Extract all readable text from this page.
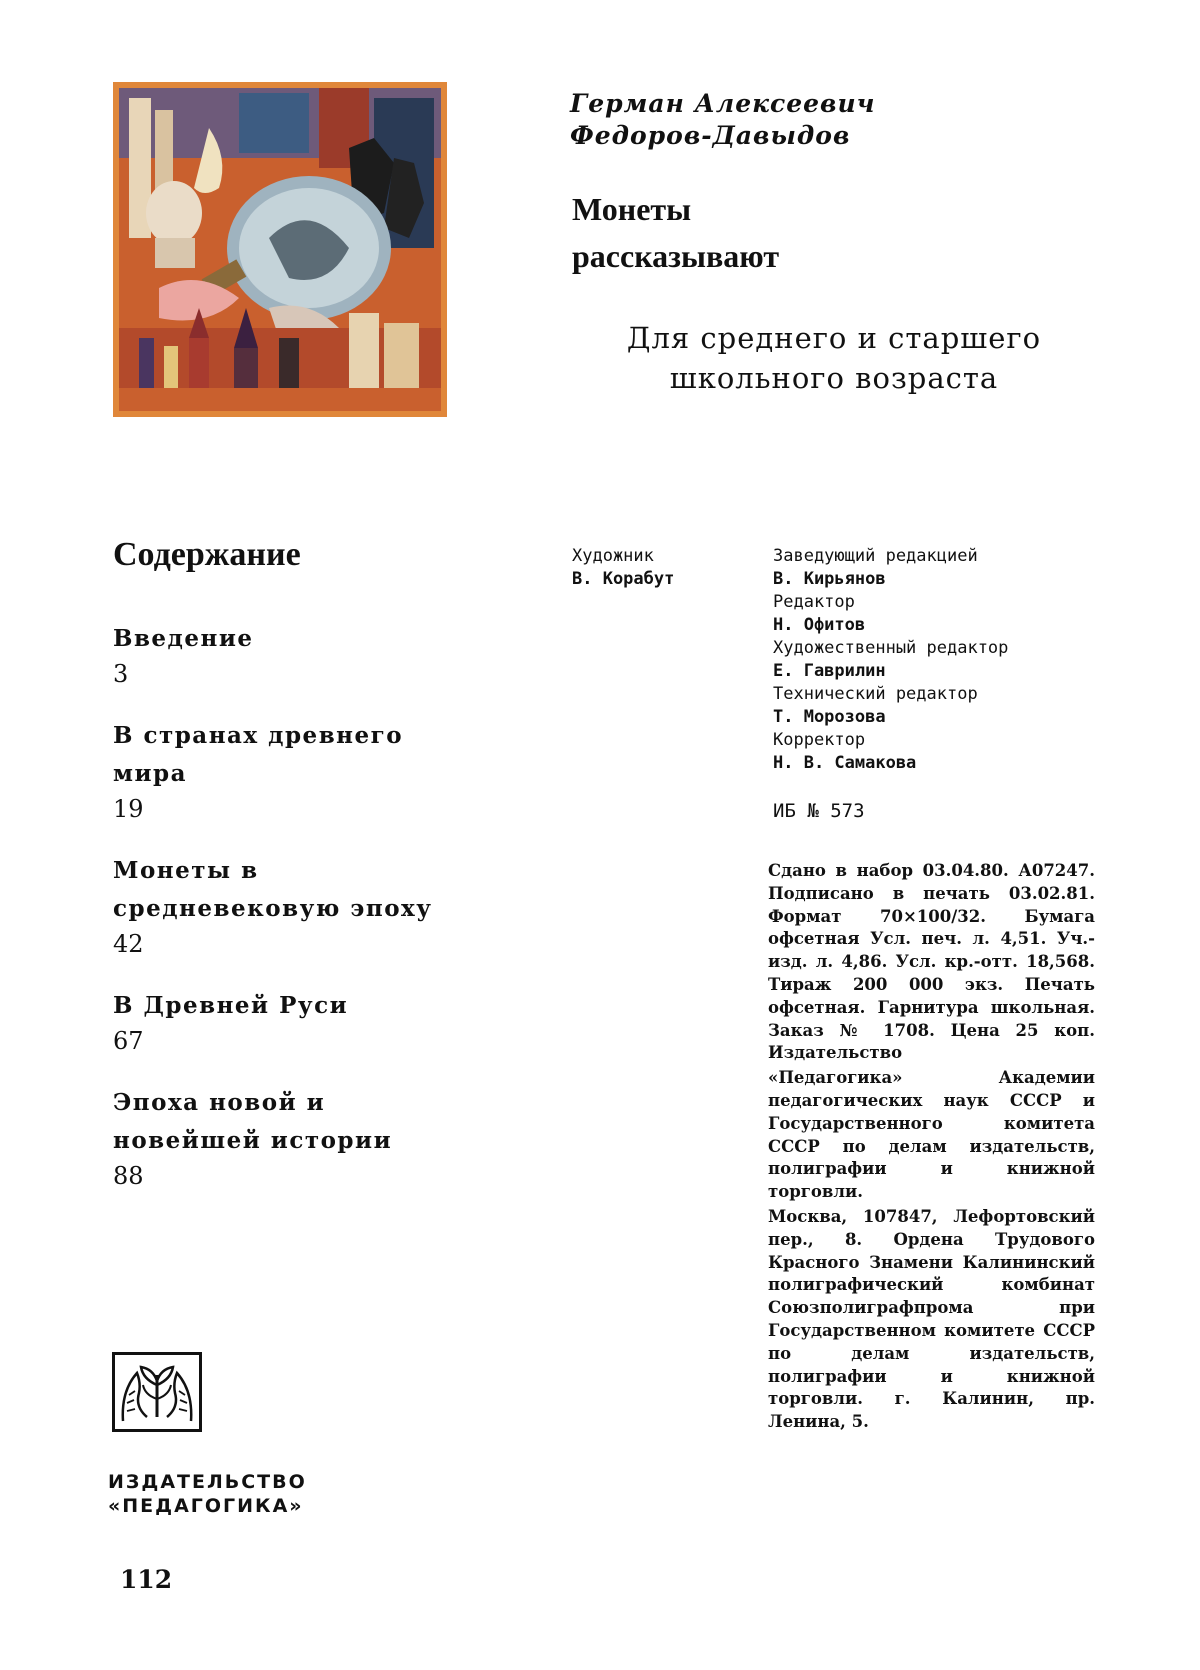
Герман Алексеевич
Федоров-Давыдов
Монеты
рассказывают
Для среднего и старшего
школьного возраста
Содержание
Введение
3
В странах древнего мира
19
Монеты в средневековую эпоху
42
В Древней Руси
67
Эпоха новой и новейшей истории
88
Художник
В. Корабут
Заведующий редакцией
В. Кирьянов
Редактор
Н. Офитов
Художественный редактор
Е. Гаврилин
Технический редактор
Т. Морозова
Корректор
Н. В. Самакова
ИБ № 573

Сдано в набор 03.04.80. А07247. Подписано в печать 03.02.81. Формат 70×100/32. Бумага офсетная Усл. печ. л. 4,51. Уч.-изд. л. 4,86. Усл. кр.-отт. 18,568. Тираж 200 000 экз. Печать офсетная. Гарнитура школьная. Заказ № 1708. Цена 25 коп. Издательство

«Педагогика» Академии педагогических наук СССР и Государственного комитета СССР по делам издательств, полиграфии и книжной торговли.

Москва, 107847, Лефортовский пер., 8. Ордена Трудового Красного Знамени Калининский полиграфический комбинат Союзполиграфпрома при Государственном комитете СССР по делам издательств, полиграфии и книжной торговли. г. Калинин, пр. Ленина, 5.

ИЗДАТЕЛЬСТВО
«ПЕДАГОГИКА»
112
